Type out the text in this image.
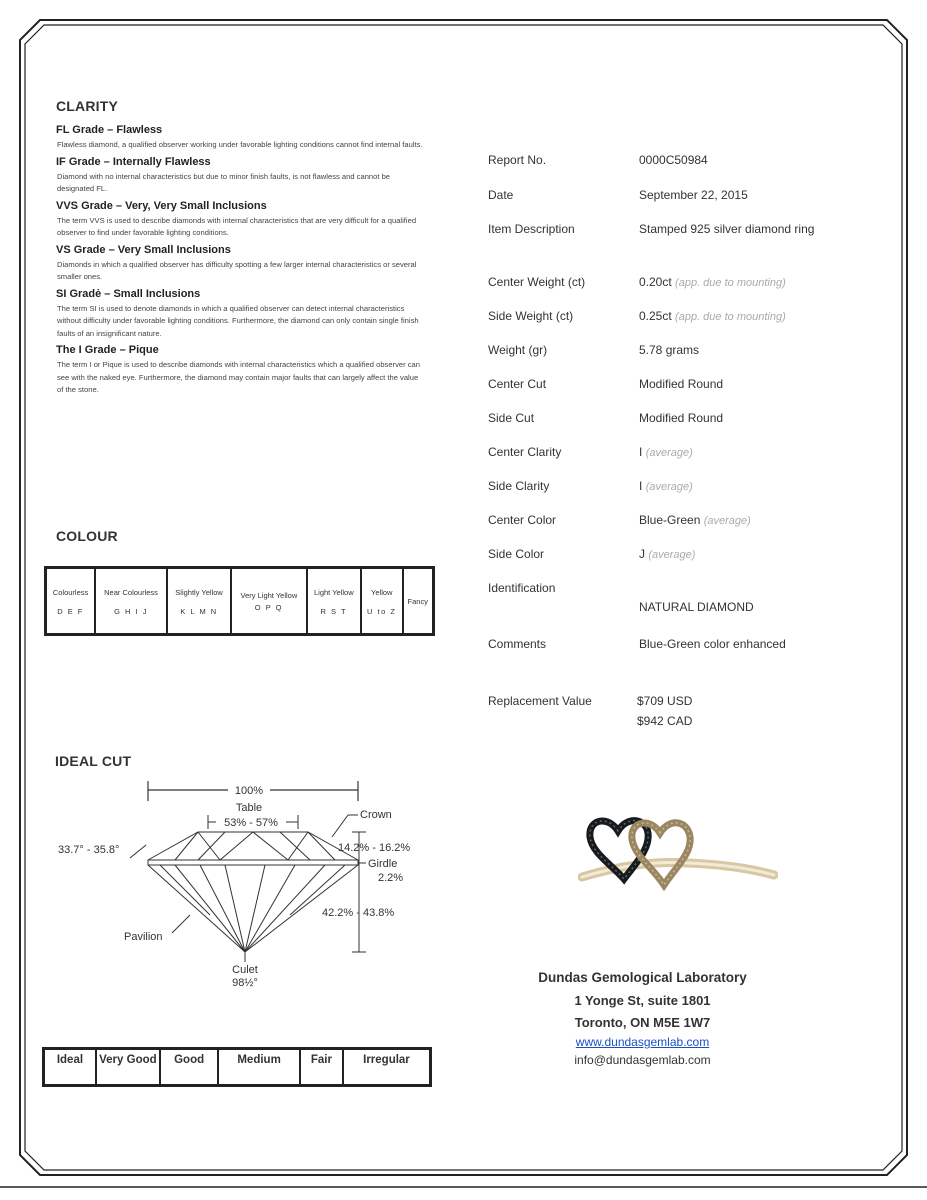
CLARITY
FL Grade – Flawless
Flawless diamond, a qualified observer working under favorable lighting conditions cannot find internal faults.
IF Grade – Internally Flawless
Diamond with no internal characteristics but due to minor finish faults, is not flawless and cannot be designated FL.
VVS Grade – Very, Very Small Inclusions
The term VVS is used to describe diamonds with internal characteristics that are very difficult for a qualified observer to find under favorable lighting conditions.
VS Grade – Very Small Inclusions
Diamonds in which a qualified observer has difficulty spotting a few larger internal characteristics or several smaller ones.
SI Gradė – Small Inclusions
The term SI is used to denote diamonds in which a qualified observer can detect internal characteristics without difficulty under favorable lighting conditions. Furthermore, the diamond can only contain single finish faults of an insignificant nature.
The I Grade – Pique
The term I or Pique is used to describe diamonds with internal characteristics which a qualified observer can see with the naked eye. Furthermore, the diamond may contain major faults that can largely affect the value of the stone.
COLOUR
Colourless
D E F

Near Colourless
G H I J

Slightly Yellow
K L M N

Very Light Yellow
O P Q

Light Yellow
R S T

Yellow
U to Z

Fancy
IDEAL CUT
100%
Table
53% - 57%
Crown
33.7° - 35.8°	14.2% - 16.2%
Girdle
2.2%
42.2% - 43.8%
Pavilion
Culet
98½°
Ideal	Very Good	Good	Medium	Fair	Irregular
Report No.	0000C50984
Date	September 22, 2015
Item Description	Stamped 925 silver diamond ring
Center Weight (ct)	0.20ct (app. due to mounting)
Side Weight (ct)	0.25ct (app. due to mounting)
Weight (gr)	5.78 grams
Center Cut	Modified Round
Side Cut	Modified Round
Center Clarity	I (average)
Side Clarity	I (average)
Center Color	Blue-Green (average)
Side Color	J (average)
Identification
NATURAL DIAMOND
Comments	Blue-Green color enhanced
Replacement Value	$709 USD
$942 CAD
Dundas Gemological Laboratory
1 Yonge St, suite 1801
Toronto, ON M5E 1W7
www.dundasgemlab.com
info@dundasgemlab.com
